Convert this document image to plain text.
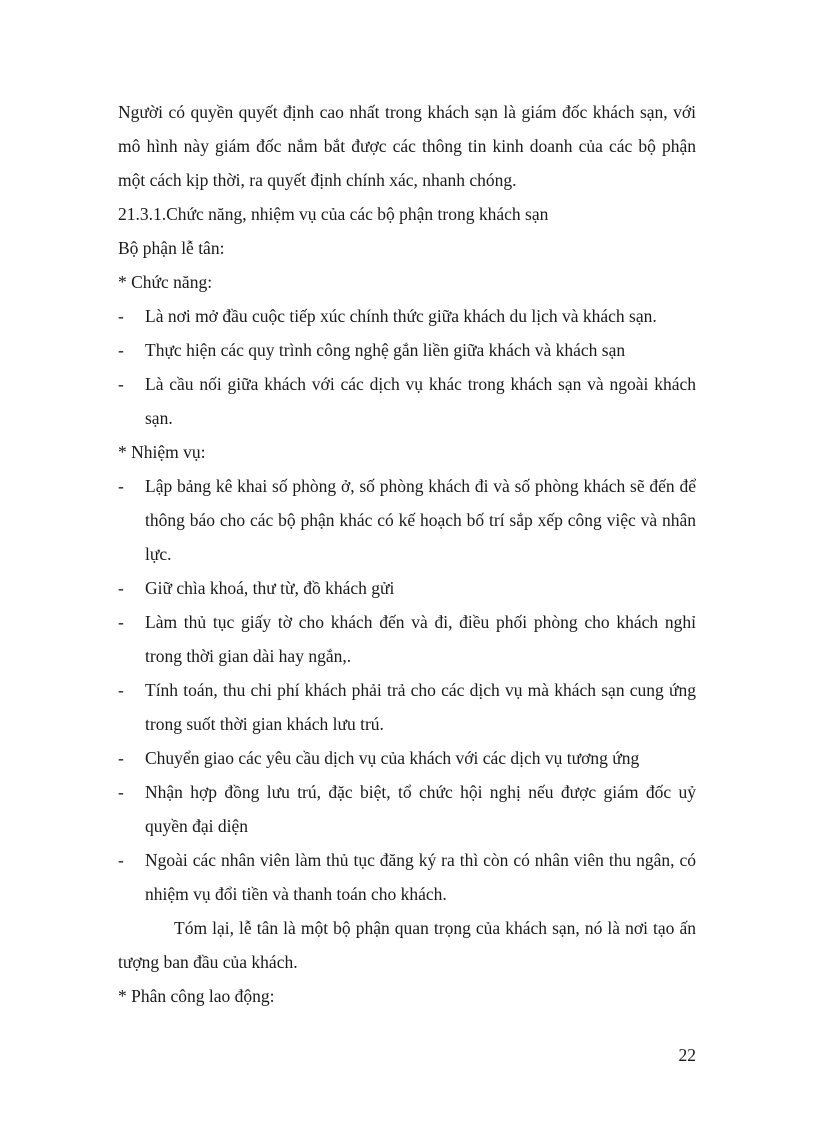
Người có quyền quyết định cao nhất trong khách sạn là giám đốc khách sạn, với mô hình này giám đốc nắm bắt được các thông tin kinh doanh của các bộ phận một cách kịp thời, ra quyết định chính xác, nhanh chóng.

21.3.1.Chức năng, nhiệm vụ của các bộ phận trong khách sạn

Bộ phận lễ tân:

* Chức năng:

- Là nơi mở đầu cuộc tiếp xúc chính thức giữa khách du lịch và khách sạn.
- Thực hiện các quy trình công nghệ gắn liền giữa khách và khách sạn
- Là cầu nối giữa khách với các dịch vụ khác trong khách sạn và ngoài khách sạn.

* Nhiệm vụ:

- Lập bảng kê khai số phòng ở, số phòng khách đi và số phòng khách sẽ đến để thông báo cho các bộ phận khác có kế hoạch bố trí sắp xếp công việc và nhân lực.
- Giữ chìa khoá, thư từ, đồ khách gửi
- Làm thủ tục giấy tờ cho khách đến và đi, điều phối phòng cho khách nghỉ trong thời gian dài hay ngắn,.
- Tính toán, thu chi phí khách phải trả cho các dịch vụ mà khách sạn cung ứng trong suốt thời gian khách lưu trú.
- Chuyển giao các yêu cầu dịch vụ của khách với các dịch vụ tương ứng
- Nhận hợp đồng lưu trú, đặc biệt, tổ chức hội nghị nếu được giám đốc uỷ quyền đại diện
- Ngoài các nhân viên làm thủ tục đăng ký ra thì còn có nhân viên thu ngân, có nhiệm vụ đổi tiền và thanh toán cho khách.

Tóm lại, lễ tân là một bộ phận quan trọng của khách sạn, nó là nơi tạo ấn tượng ban đầu của khách.

* Phân công lao động:

22
